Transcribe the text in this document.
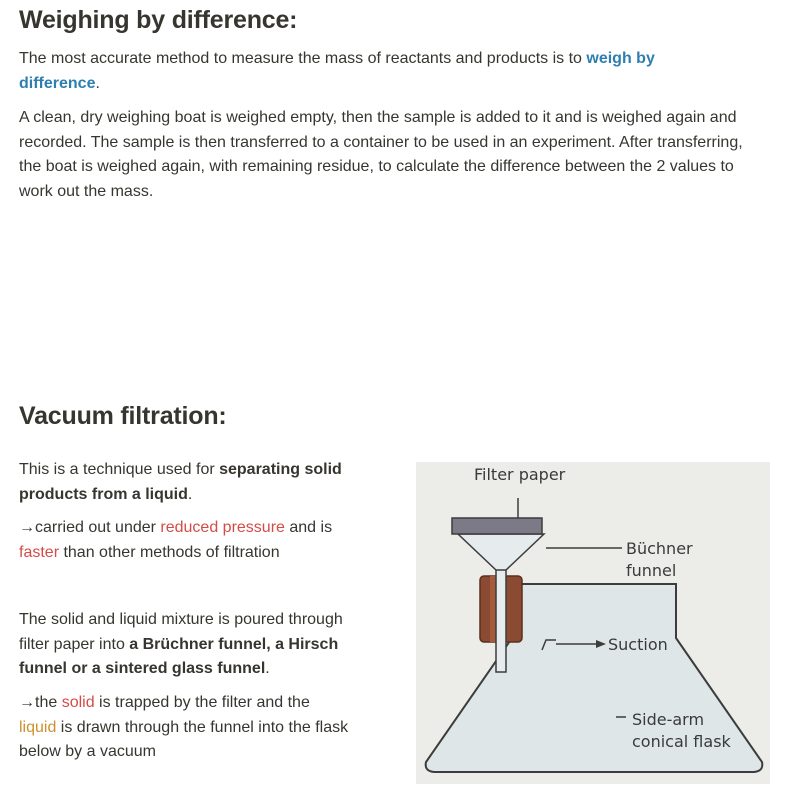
Weighing by difference:

The most accurate method to measure the mass of reactants and products is to weigh by
difference.

A clean, dry weighing boat is weighed empty, then the sample is added to it and is weighed again and recorded. The sample is then transferred to a container to be used in an experiment. After transferring, the boat is weighed again, with remaining residue, to calculate the difference between the 2 values to work out the mass.

Vacuum filtration:

This is a technique used for separating solid products from a liquid.

→carried out under reduced pressure and is
faster than other methods of filtration

The solid and liquid mixture is poured through filter paper into a Brüchner funnel, a Hirsch funnel or a sintered glass funnel.

→the solid is trapped by the filter and the
liquid is drawn through the funnel into the flask below by a vacuum

Filter paper
Büchner
funnel
Suction
Side-arm
conical flask
